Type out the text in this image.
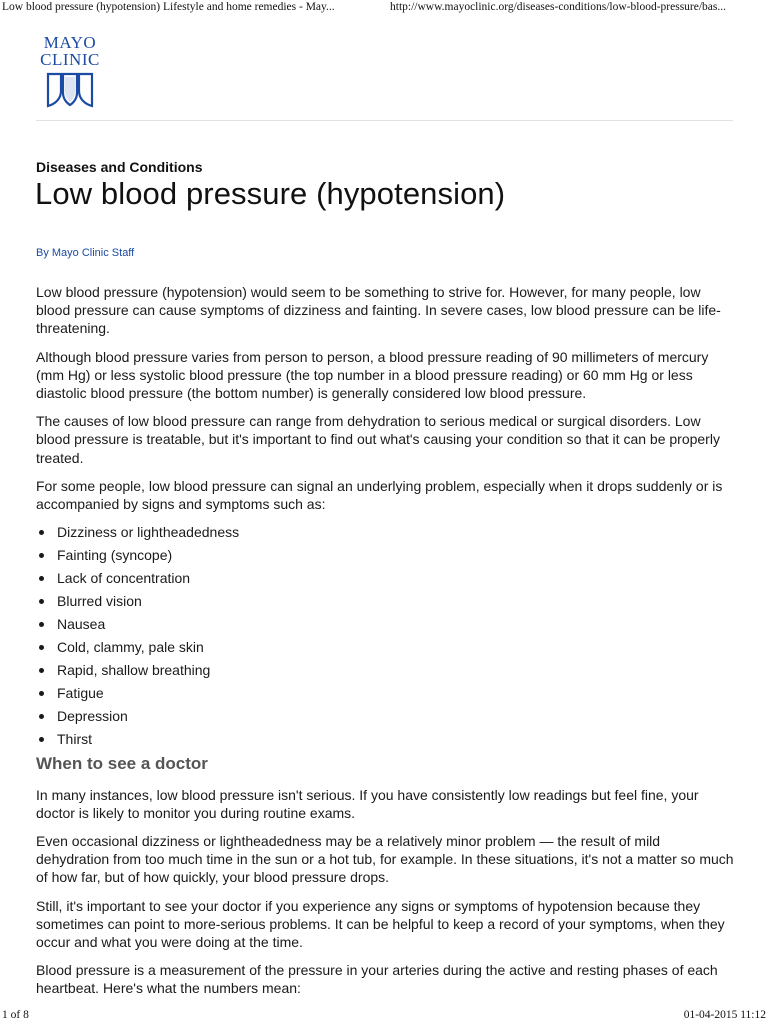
Low blood pressure (hypotension) Lifestyle and home remedies - May...	http://www.mayoclinic.org/diseases-conditions/low-blood-pressure/bas...
MAYO
CLINIC
Diseases and Conditions
Low blood pressure (hypotension)
By Mayo Clinic Staff

Low blood pressure (hypotension) would seem to be something to strive for. However, for many people, low blood pressure can cause symptoms of dizziness and fainting. In severe cases, low blood pressure can be life-threatening.

Although blood pressure varies from person to person, a blood pressure reading of 90 millimeters of mercury (mm Hg) or less systolic blood pressure (the top number in a blood pressure reading) or 60 mm Hg or less diastolic blood pressure (the bottom number) is generally considered low blood pressure.

The causes of low blood pressure can range from dehydration to serious medical or surgical disorders. Low blood pressure is treatable, but it's important to find out what's causing your condition so that it can be properly treated.

For some people, low blood pressure can signal an underlying problem, especially when it drops suddenly or is accompanied by signs and symptoms such as:

Dizziness or lightheadedness
Fainting (syncope)
Lack of concentration
Blurred vision
Nausea
Cold, clammy, pale skin
Rapid, shallow breathing
Fatigue
Depression
Thirst
When to see a doctor

In many instances, low blood pressure isn't serious. If you have consistently low readings but feel fine, your doctor is likely to monitor you during routine exams.

Even occasional dizziness or lightheadedness may be a relatively minor problem — the result of mild dehydration from too much time in the sun or a hot tub, for example. In these situations, it's not a matter so much of how far, but of how quickly, your blood pressure drops.

Still, it's important to see your doctor if you experience any signs or symptoms of hypotension because they sometimes can point to more-serious problems. It can be helpful to keep a record of your symptoms, when they occur and what you were doing at the time.

Blood pressure is a measurement of the pressure in your arteries during the active and resting phases of each heartbeat. Here's what the numbers mean:

1 of 8	01-04-2015 11:12
